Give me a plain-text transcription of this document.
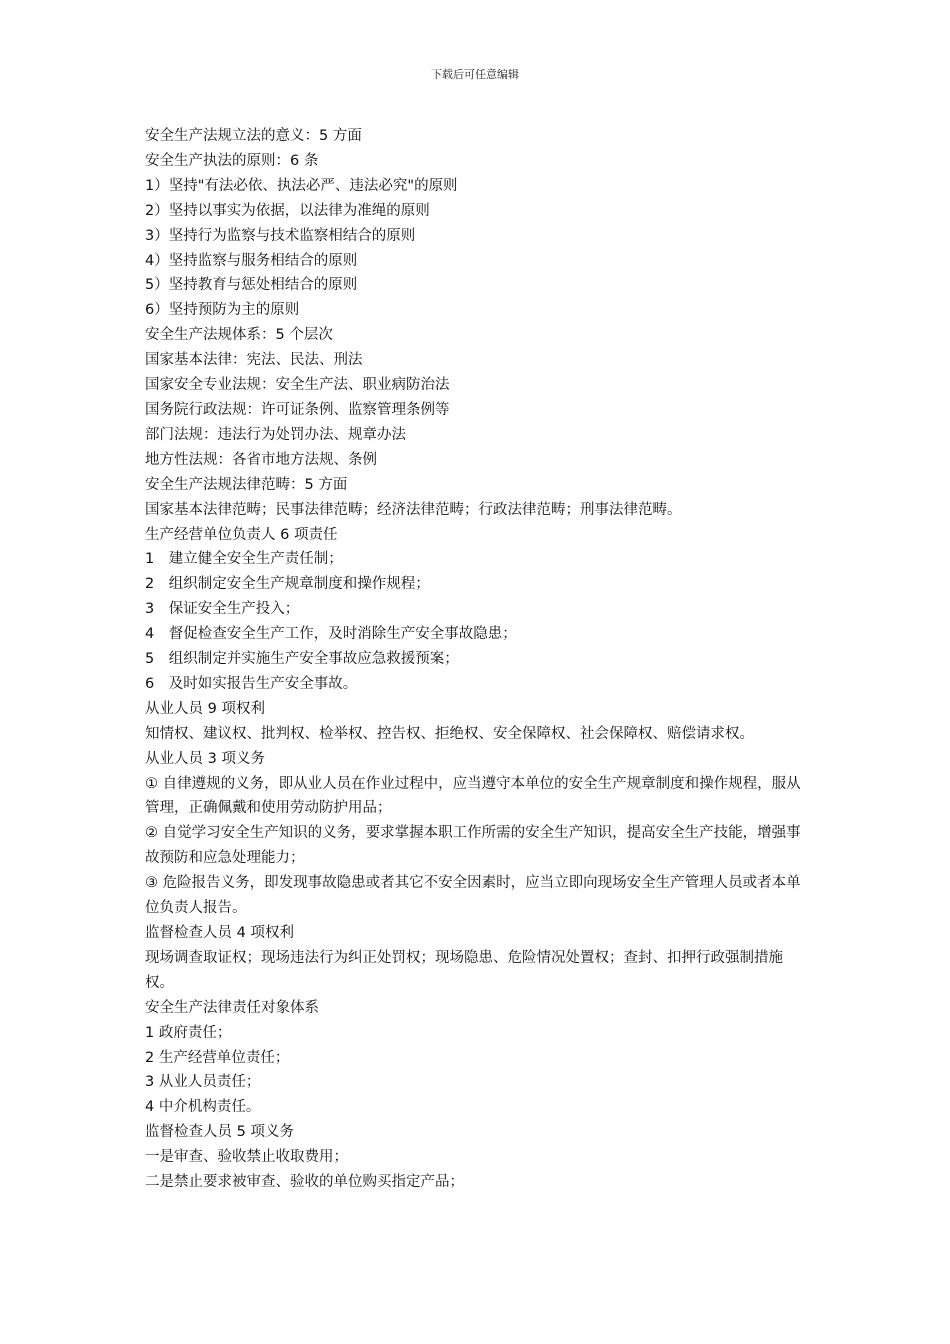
下载后可任意编辑
安全生产法规立法的意义：5 方面
安全生产执法的原则：6 条
1）坚持"有法必依、执法必严、违法必究"的原则
2）坚持以事实为依据，以法律为准绳的原则
3）坚持行为监察与技术监察相结合的原则
4）坚持监察与服务相结合的原则
5）坚持教育与惩处相结合的原则
6）坚持预防为主的原则
安全生产法规体系：5 个层次
国家基本法律：宪法、民法、刑法
国家安全专业法规：安全生产法、职业病防治法
国务院行政法规：许可证条例、监察管理条例等
部门法规：违法行为处罚办法、规章办法
地方性法规：各省市地方法规、条例
安全生产法规法律范畴：5 方面
国家基本法律范畴；民事法律范畴；经济法律范畴；行政法律范畴；刑事法律范畴。
生产经营单位负责人 6 项责任
1　建立健全安全生产责任制；
2　组织制定安全生产规章制度和操作规程；
3　保证安全生产投入；
4　督促检查安全生产工作，及时消除生产安全事故隐患；
5　组织制定并实施生产安全事故应急救援预案；
6　及时如实报告生产安全事故。
从业人员 9 项权利
知情权、建议权、批判权、检举权、控告权、拒绝权、安全保障权、社会保障权、赔偿请求权。
从业人员 3 项义务
① 自律遵规的义务，即从业人员在作业过程中，应当遵守本单位的安全生产规章制度和操作规程，服从管理，正确佩戴和使用劳动防护用品；
② 自觉学习安全生产知识的义务，要求掌握本职工作所需的安全生产知识，提高安全生产技能，增强事故预防和应急处理能力；
③ 危险报告义务，即发现事故隐患或者其它不安全因素时，应当立即向现场安全生产管理人员或者本单位负责人报告。
监督检查人员 4 项权利
现场调查取证权；现场违法行为纠正处罚权；现场隐患、危险情况处置权；查封、扣押行政强制措施权。
安全生产法律责任对象体系
1 政府责任；
2 生产经营单位责任；
3 从业人员责任；
4 中介机构责任。
监督检查人员 5 项义务
一是审查、验收禁止收取费用；
二是禁止要求被审查、验收的单位购买指定产品；
